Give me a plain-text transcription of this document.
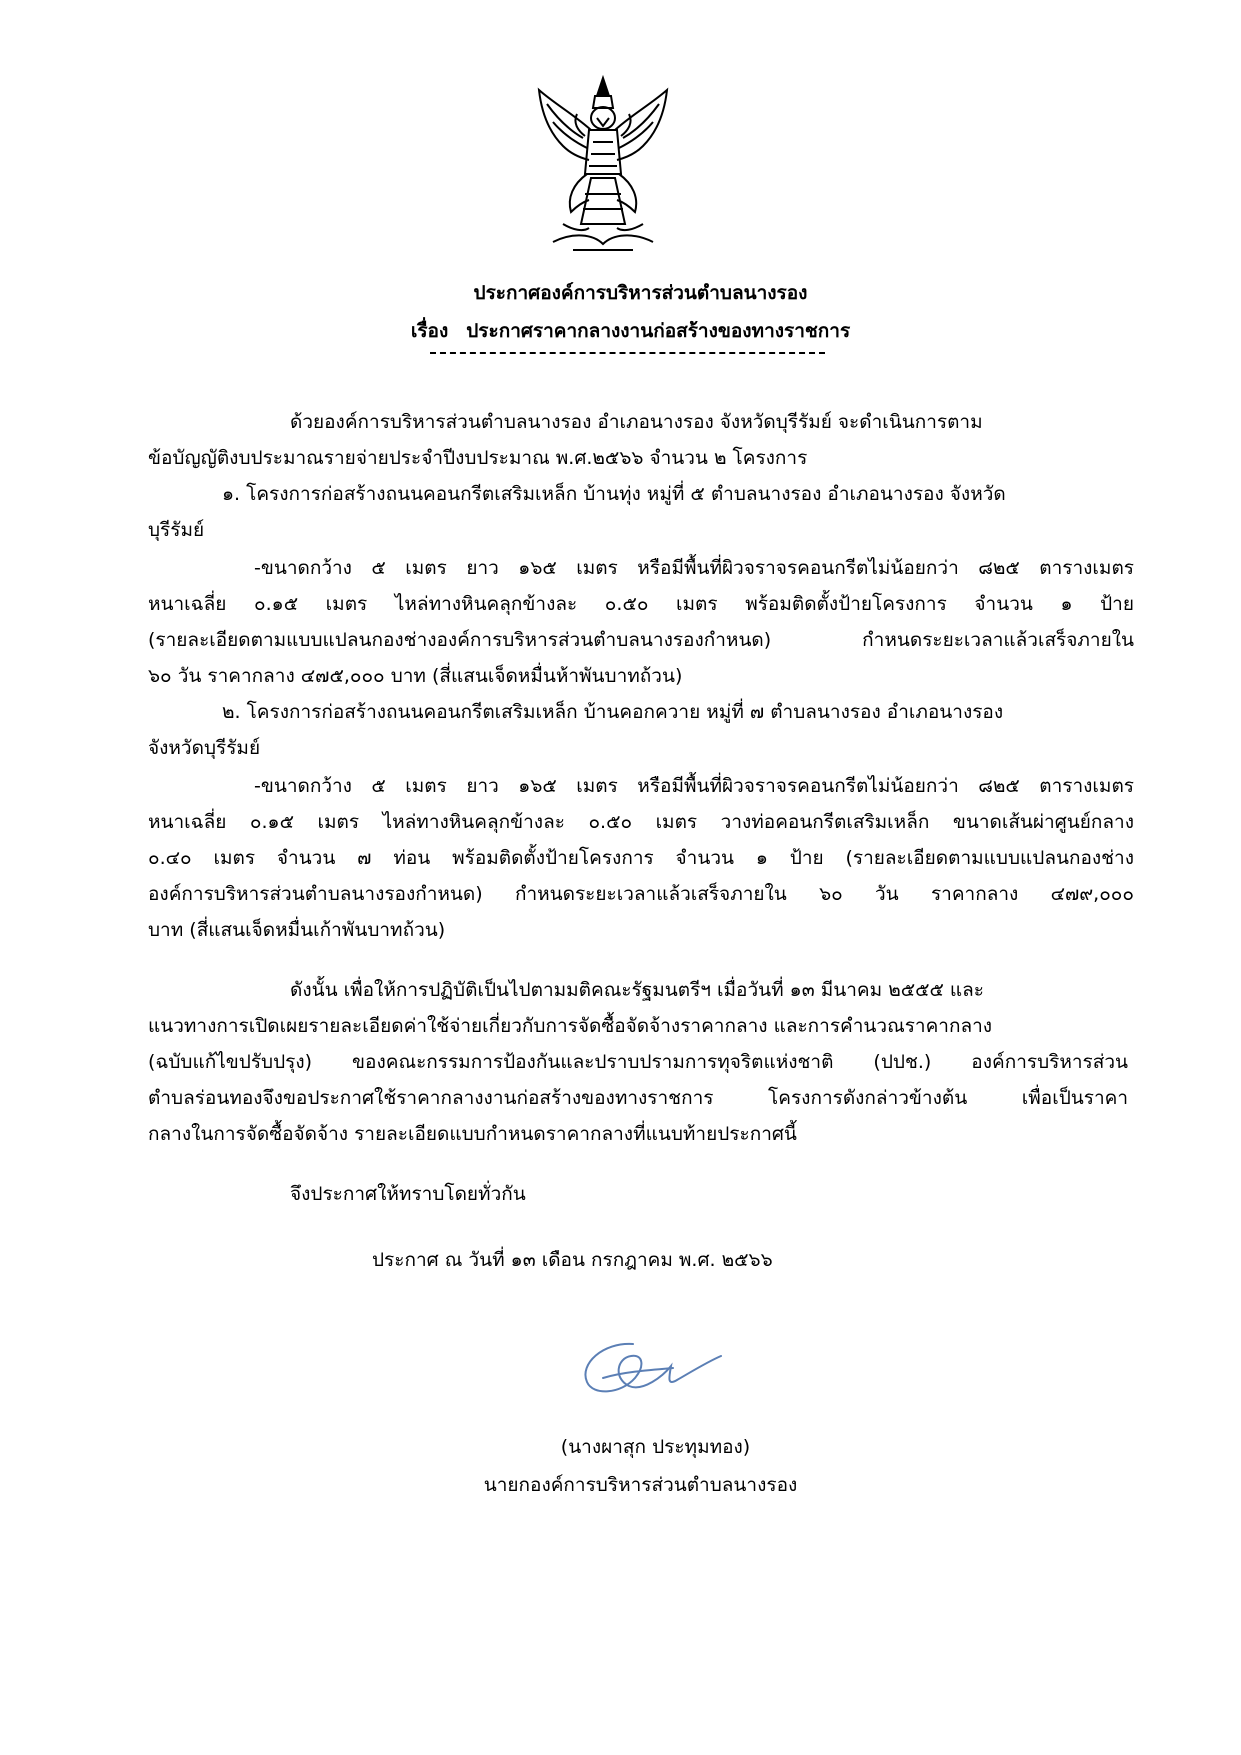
ประกาศองค์การบริหารส่วนตำบลนางรอง
เรื่อง ประกาศราคากลางงานก่อสร้างของทางราชการ
ด้วยองค์การบริหารส่วนตำบลนางรอง อำเภอนางรอง จังหวัดบุรีรัมย์ จะดำเนินการตาม
ข้อบัญญัติงบประมาณรายจ่ายประจำปีงบประมาณ พ.ศ.๒๕๖๖ จำนวน ๒ โครงการ
๑. โครงการก่อสร้างถนนคอนกรีตเสริมเหล็ก บ้านทุ่ง หมู่ที่ ๕ ตำบลนางรอง อำเภอนางรอง จังหวัด
บุรีรัมย์
-ขนาดกว้าง ๕ เมตร ยาว ๑๖๕ เมตร หรือมีพื้นที่ผิวจราจรคอนกรีตไม่น้อยกว่า ๘๒๕ ตารางเมตร
หนาเฉลี่ย ๐.๑๕ เมตร ไหล่ทางหินคลุกข้างละ ๐.๕๐ เมตร พร้อมติดตั้งป้ายโครงการ จำนวน ๑ ป้าย
(รายละเอียดตามแบบแปลนกองช่างองค์การบริหารส่วนตำบลนางรองกำหนด) กำหนดระยะเวลาแล้วเสร็จภายใน
๖๐ วัน ราคากลาง ๔๗๕,๐๐๐ บาท (สี่แสนเจ็ดหมื่นห้าพันบาทถ้วน)
๒. โครงการก่อสร้างถนนคอนกรีตเสริมเหล็ก บ้านคอกควาย หมู่ที่ ๗ ตำบลนางรอง อำเภอนางรอง
จังหวัดบุรีรัมย์
-ขนาดกว้าง ๕ เมตร ยาว ๑๖๕ เมตร หรือมีพื้นที่ผิวจราจรคอนกรีตไม่น้อยกว่า ๘๒๕ ตารางเมตร
หนาเฉลี่ย ๐.๑๕ เมตร ไหล่ทางหินคลุกข้างละ ๐.๕๐ เมตร วางท่อคอนกรีตเสริมเหล็ก ขนาดเส้นผ่าศูนย์กลาง
๐.๔๐ เมตร จำนวน ๗ ท่อน พร้อมติดตั้งป้ายโครงการ จำนวน ๑ ป้าย (รายละเอียดตามแบบแปลนกองช่าง
องค์การบริหารส่วนตำบลนางรองกำหนด) กำหนดระยะเวลาแล้วเสร็จภายใน ๖๐ วัน ราคากลาง ๔๗๙,๐๐๐
บาท (สี่แสนเจ็ดหมื่นเก้าพันบาทถ้วน)
ดังนั้น เพื่อให้การปฏิบัติเป็นไปตามมติคณะรัฐมนตรีฯ เมื่อวันที่ ๑๓ มีนาคม ๒๕๕๕ และ
แนวทางการเปิดเผยรายละเอียดค่าใช้จ่ายเกี่ยวกับการจัดซื้อจัดจ้างราคากลาง และการคำนวณราคากลาง
(ฉบับแก้ไขปรับปรุง) ของคณะกรรมการป้องกันและปราบปรามการทุจริตแห่งชาติ (ปปช.) องค์การบริหารส่วน
ตำบลร่อนทองจึงขอประกาศใช้ราคากลางงานก่อสร้างของทางราชการ โครงการดังกล่าวข้างต้น เพื่อเป็นราคา
กลางในการจัดซื้อจัดจ้าง รายละเอียดแบบกำหนดราคากลางที่แนบท้ายประกาศนี้
จึงประกาศให้ทราบโดยทั่วกัน
ประกาศ ณ วันที่ ๑๓ เดือน กรกฎาคม พ.ศ. ๒๕๖๖
(นางผาสุก ประทุมทอง)
นายกองค์การบริหารส่วนตำบลนางรอง
